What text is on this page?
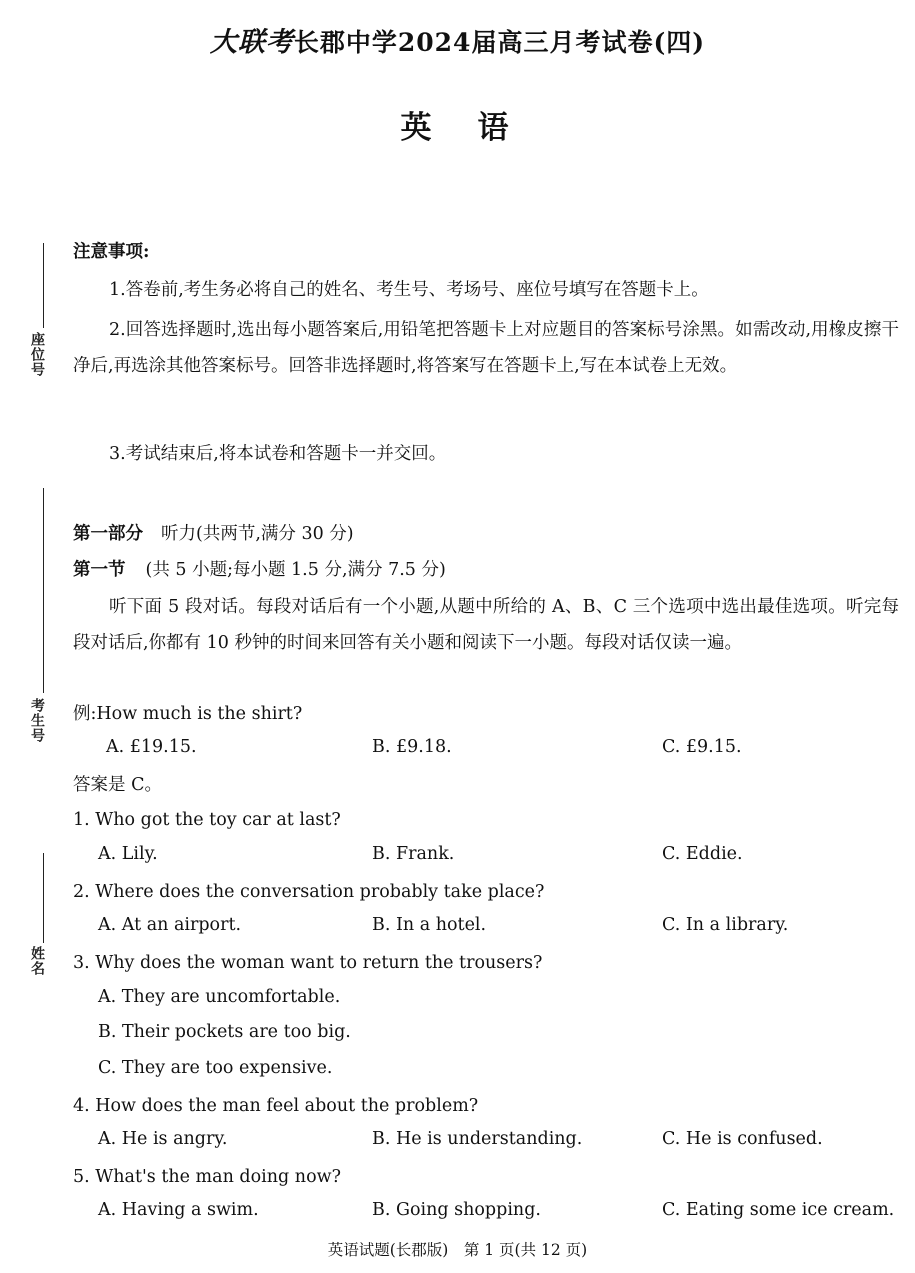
大联考长郡中学2024届高三月考试卷(四)
英语
座位号
考生号
姓名
注意事项:
1.答卷前,考生务必将自己的姓名、考生号、考场号、座位号填写在答题卡上。
2.回答选择题时,选出每小题答案后,用铅笔把答题卡上对应题目的答案标号涂黑。如需改动,用橡皮擦干净后,再选涂其他答案标号。回答非选择题时,将答案写在答题卡上,写在本试卷上无效。
3.考试结束后,将本试卷和答题卡一并交回。
第一部分 听力(共两节,满分 30 分)
第一节 (共 5 小题;每小题 1.5 分,满分 7.5 分)
听下面 5 段对话。每段对话后有一个小题,从题中所给的 A、B、C 三个选项中选出最佳选项。听完每段对话后,你都有 10 秒钟的时间来回答有关小题和阅读下一小题。每段对话仅读一遍。
例:How much is the shirt?
A. £19.15.	B. £9.18.	C. £9.15.
答案是 C。
1. Who got the toy car at last?
A. Lily.	B. Frank.	C. Eddie.
2. Where does the conversation probably take place?
A. At an airport.	B. In a hotel.	C. In a library.
3. Why does the woman want to return the trousers?
A. They are uncomfortable.
B. Their pockets are too big.
C. They are too expensive.
4. How does the man feel about the problem?
A. He is angry.	B. He is understanding.	C. He is confused.
5. What's the man doing now?
A. Having a swim.	B. Going shopping.	C. Eating some ice cream.
英语试题(长郡版)　第 1 页(共 12 页)
